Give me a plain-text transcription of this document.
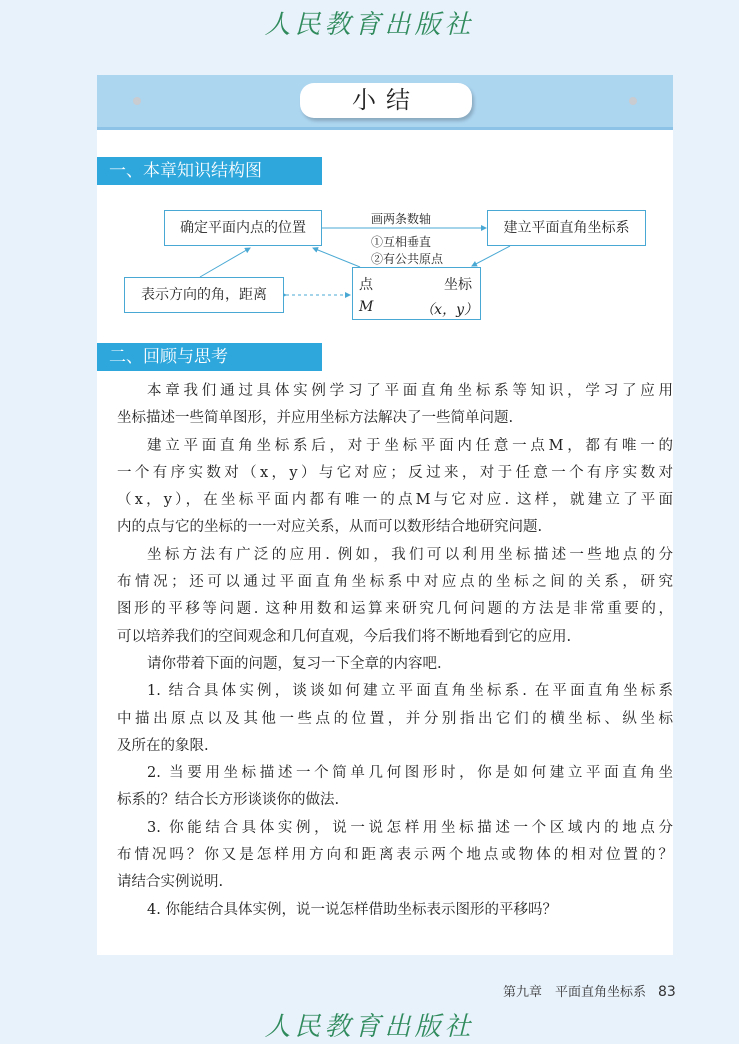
人民教育出版社
小结
一、本章知识结构图
二、回顾与思考
确定平面内点的位置	建立平面直角坐标系
表示方向的角，距离
点
M
坐标
（x，y）
画两条数轴
①互相垂直
②有公共原点
本章我们通过具体实例学习了平面直角坐标系等知识，学习了应用
坐标描述一些简单图形，并应用坐标方法解决了一些简单问题.
建立平面直角坐标系后，对于坐标平面内任意一点M，都有唯一的
一个有序实数对（x，y）与它对应；反过来，对于任意一个有序实数对
（x，y），在坐标平面内都有唯一的点M与它对应. 这样，就建立了平面
内的点与它的坐标的一一对应关系，从而可以数形结合地研究问题.
坐标方法有广泛的应用. 例如，我们可以利用坐标描述一些地点的分
布情况；还可以通过平面直角坐标系中对应点的坐标之间的关系，研究
图形的平移等问题. 这种用数和运算来研究几何问题的方法是非常重要的，
可以培养我们的空间观念和几何直观，今后我们将不断地看到它的应用.
请你带着下面的问题，复习一下全章的内容吧.
1. 结合具体实例，谈谈如何建立平面直角坐标系. 在平面直角坐标系
中描出原点以及其他一些点的位置，并分别指出它们的横坐标、纵坐标
及所在的象限.
2. 当要用坐标描述一个简单几何图形时，你是如何建立平面直角坐
标系的？结合长方形谈谈你的做法.
3. 你能结合具体实例，说一说怎样用坐标描述一个区域内的地点分
布情况吗？你又是怎样用方向和距离表示两个地点或物体的相对位置的？
请结合实例说明.
4. 你能结合具体实例，说一说怎样借助坐标表示图形的平移吗？
第九章　平面直角坐标系 83
人民教育出版社
